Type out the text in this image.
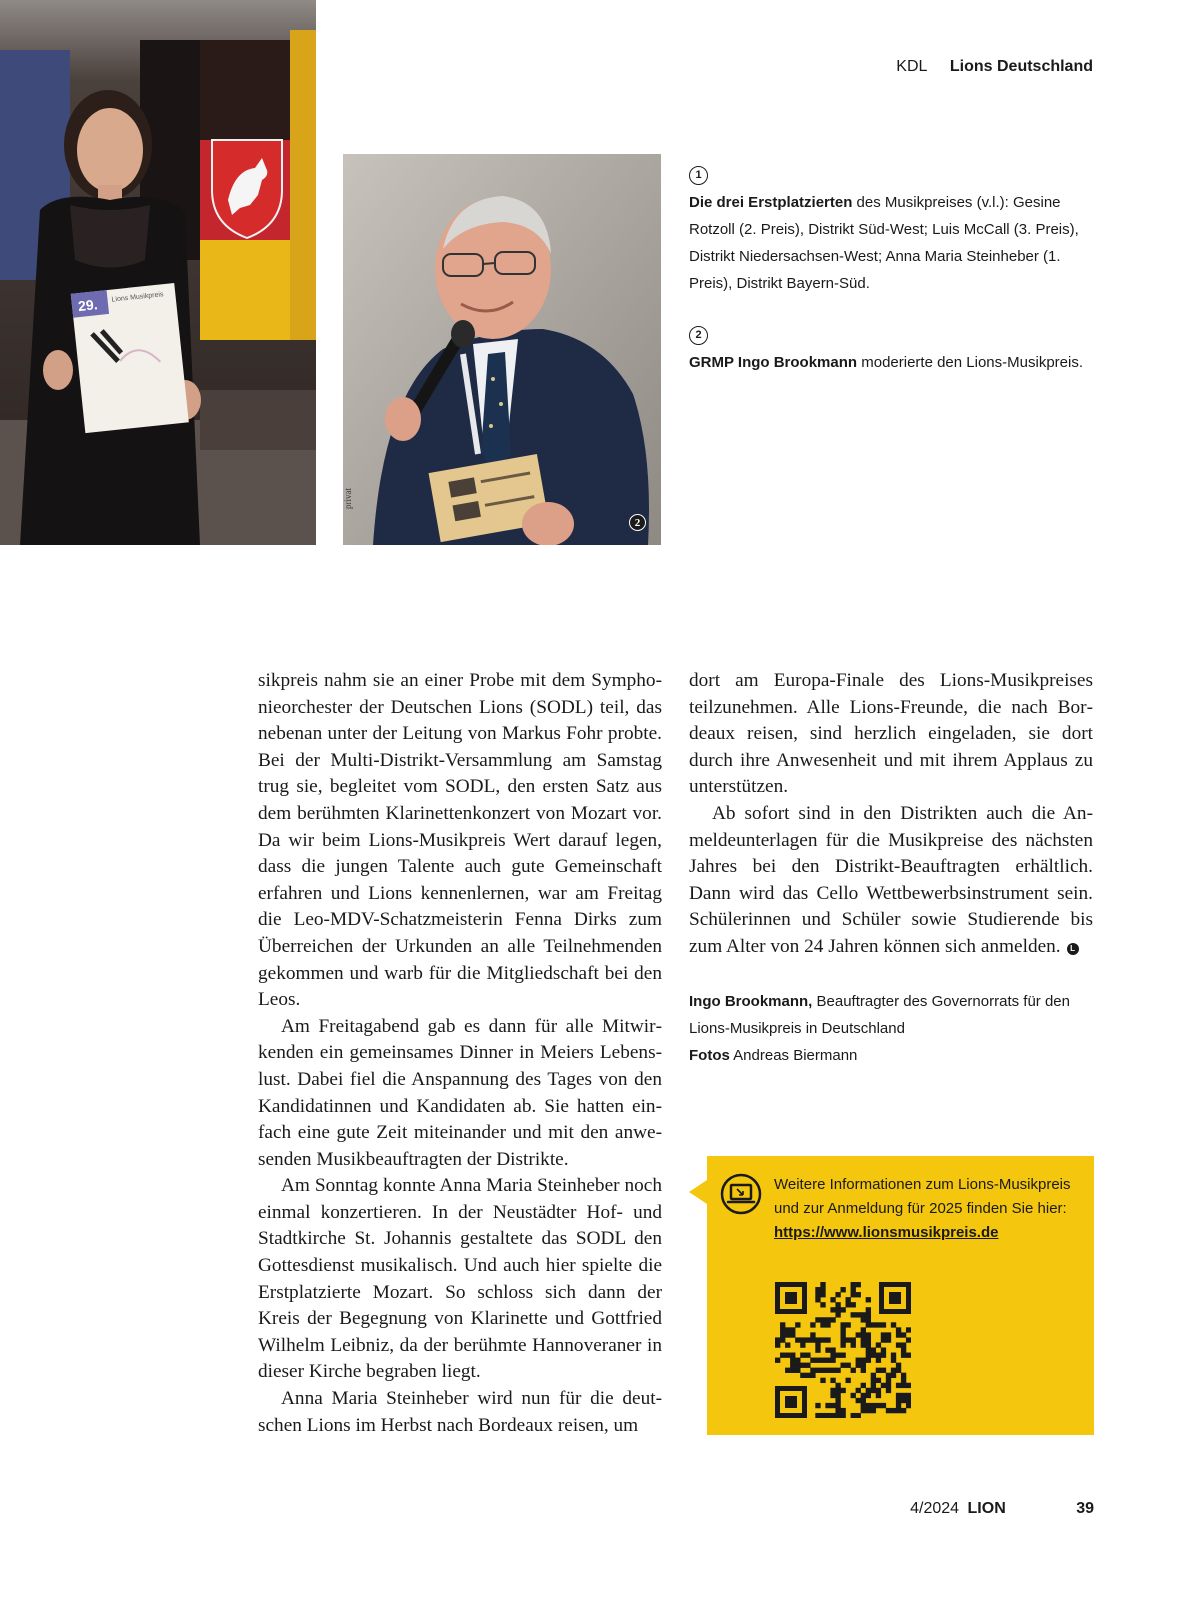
KDL Lions Deutschland
29. Lions Musikpreis
privat
2
1

Die drei Erstplatzierten des Musikpreises (v.l.): Gesine Rotzoll (2. Preis), Distrikt Süd-West; Luis McCall (3. Preis), Distrikt Niedersachsen-West; Anna Maria Steinheber (1. Preis), Distrikt Bayern-Süd.

2

GRMP Ingo Brookmann moderierte den Lions-Musikpreis.

sikpreis nahm sie an einer Probe mit dem Symphonieorchester der Deutschen Lions (SODL) teil, das nebenan unter der Leitung von Markus Fohr probte. Bei der Multi-Distrikt-Versammlung am Samstag trug sie, begleitet vom SODL, den ersten Satz aus dem berühmten Klarinettenkonzert von Mozart vor. Da wir beim Lions-Musikpreis Wert darauf legen, dass die jungen Talente auch gute Gemeinschaft erfahren und Lions kennenlernen, war am Freitag die Leo-MDV-Schatzmeisterin Fenna Dirks zum Überreichen der Urkunden an alle Teilnehmenden gekommen und warb für die Mitgliedschaft bei den Leos.

Am Freitagabend gab es dann für alle Mitwirkenden ein gemeinsames Dinner in Meiers Lebenslust. Dabei fiel die Anspannung des Tages von den Kandidatinnen und Kandidaten ab. Sie hatten einfach eine gute Zeit miteinander und mit den anwesenden Musikbeauftragten der Distrikte.

Am Sonntag konnte Anna Maria Steinheber noch einmal konzertieren. In der Neustädter Hof- und Stadtkirche St. Johannis gestaltete das SODL den Gottesdienst musikalisch. Und auch hier spielte die Erstplatzierte Mozart. So schloss sich dann der Kreis der Begegnung von Klarinette und Gottfried Wilhelm Leibniz, da der berühmte Hannoveraner in dieser Kirche begraben liegt.

Anna Maria Steinheber wird nun für die deutschen Lions im Herbst nach Bordeaux reisen, um

dort am Europa-Finale des Lions-Musikpreises teilzunehmen. Alle Lions-Freunde, die nach Bordeaux reisen, sind herzlich eingeladen, sie dort durch ihre Anwesenheit und mit ihrem Applaus zu unterstützen.

Ab sofort sind in den Distrikten auch die Anmeldeunterlagen für die Musikpreise des nächsten Jahres bei den Distrikt-Beauftragten erhältlich. Dann wird das Cello Wettbewerbsinstrument sein. Schülerinnen und Schüler sowie Studierende bis zum Alter von 24 Jahren können sich anmelden. L

Ingo Brookmann, Beauftragter des Governorrats für den Lions-Musikpreis in Deutschland

Fotos Andreas Biermann

Weitere Informationen zum Lions-Musikpreis und zur Anmeldung für 2025 finden Sie hier:

https://www.lionsmusikpreis.de
4/2024 LION	39
